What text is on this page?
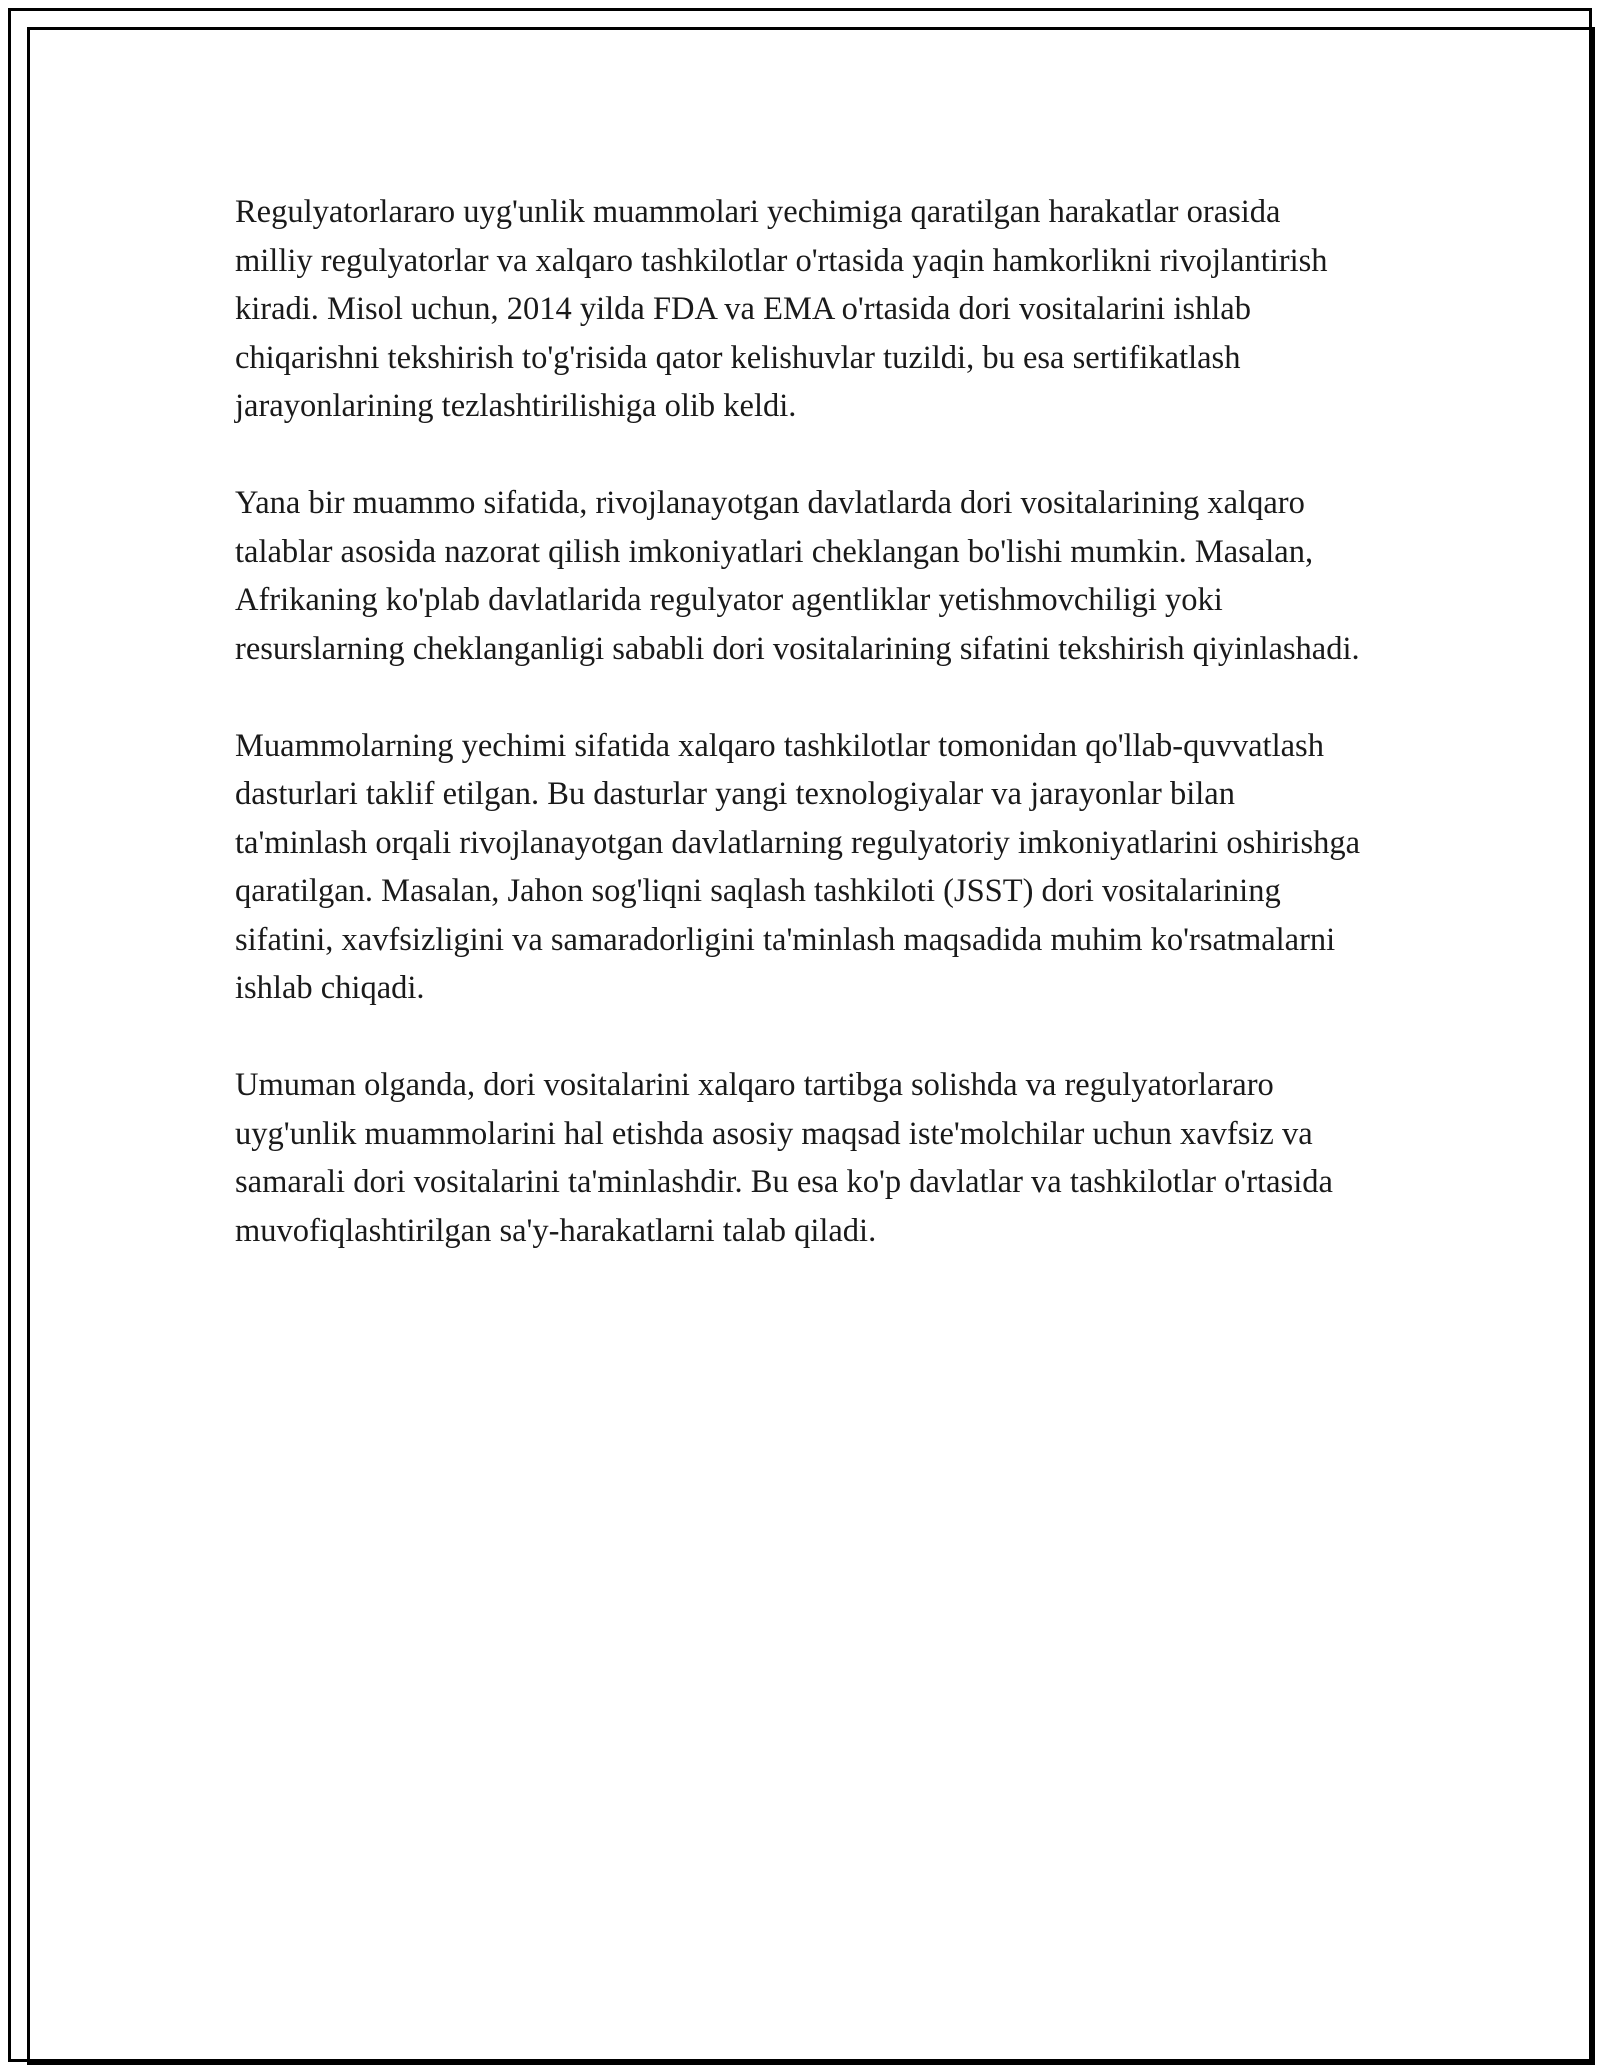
Regulyatorlararo uyg'unlik muammolari yechimiga qaratilgan harakatlar orasida milliy regulyatorlar va xalqaro tashkilotlar o'rtasida yaqin hamkorlikni rivojlantirish kiradi. Misol uchun, 2014 yilda FDA va EMA o'rtasida dori vositalarini ishlab chiqarishni tekshirish to'g'risida qator kelishuvlar tuzildi, bu esa sertifikatlash jarayonlarining tezlashtirilishiga olib keldi.

Yana bir muammo sifatida, rivojlanayotgan davlatlarda dori vositalarining xalqaro talablar asosida nazorat qilish imkoniyatlari cheklangan bo'lishi mumkin. Masalan, Afrikaning ko'plab davlatlarida regulyator agentliklar yetishmovchiligi yoki resurslarning cheklanganligi sababli dori vositalarining sifatini tekshirish qiyinlashadi.

Muammolarning yechimi sifatida xalqaro tashkilotlar tomonidan qo'llab-quvvatlash dasturlari taklif etilgan. Bu dasturlar yangi texnologiyalar va jarayonlar bilan ta'minlash orqali rivojlanayotgan davlatlarning regulyatoriy imkoniyatlarini oshirishga qaratilgan. Masalan, Jahon sog'liqni saqlash tashkiloti (JSST) dori vositalarining sifatini, xavfsizligini va samaradorligini ta'minlash maqsadida muhim ko'rsatmalarni ishlab chiqadi.

Umuman olganda, dori vositalarini xalqaro tartibga solishda va regulyatorlararo uyg'unlik muammolarini hal etishda asosiy maqsad iste'molchilar uchun xavfsiz va samarali dori vositalarini ta'minlashdir. Bu esa ko'p davlatlar va tashkilotlar o'rtasida muvofiqlashtirilgan sa'y-harakatlarni talab qiladi.
